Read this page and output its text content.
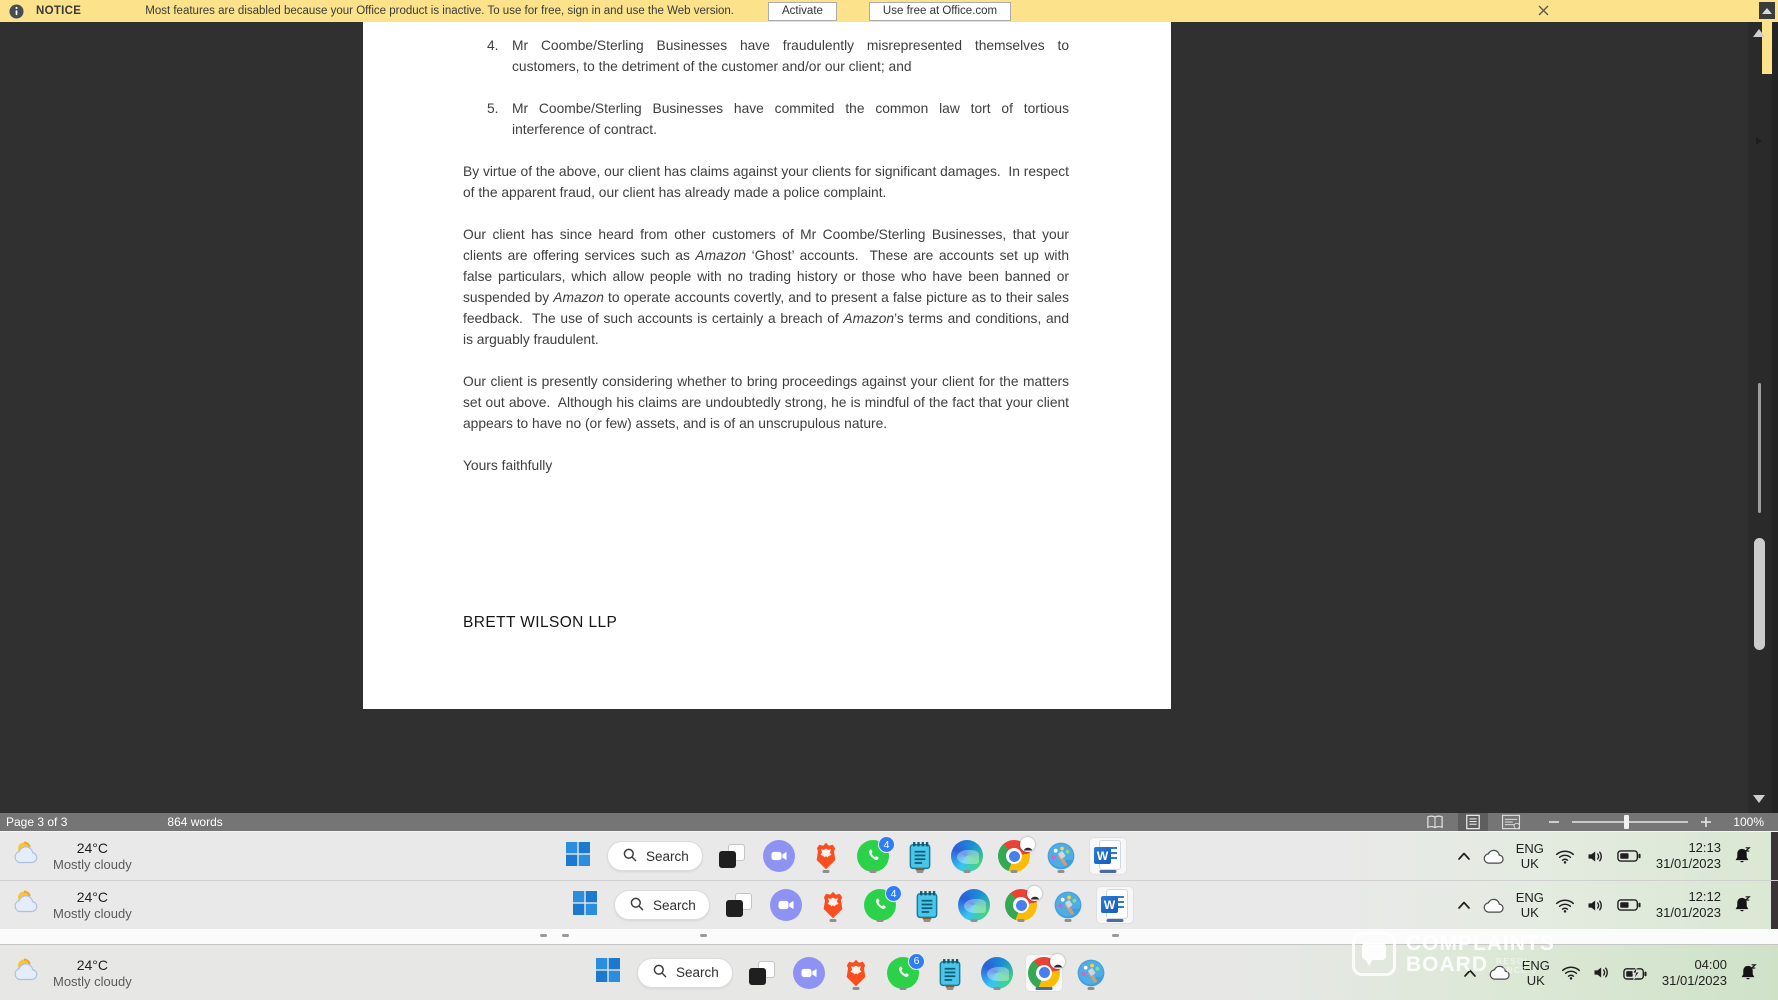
NOTICE	Most features are disabled because your Office product is inactive. To use for free, sign in and use the Web version.	Activate	Use free at Office.com
4. Mr Coombe/Sterling Businesses have fraudulently misrepresented themselves to customers, to the detriment of the customer and/or our client; and
5. Mr Coombe/Sterling Businesses have commited the common law tort of tortious interference of contract.
By virtue of the above, our client has claims against your clients for significant damages.  In respect of the apparent fraud, our client has already made a police complaint.
Our client has since heard from other customers of Mr Coombe/Sterling Businesses, that your clients are offering services such as Amazon ‘Ghost’ accounts.  These are accounts set up with false particulars, which allow people with no trading history or those who have been banned or suspended by Amazon to operate accounts covertly, and to present a false picture as to their sales feedback.  The use of such accounts is certainly a breach of Amazon’s terms and conditions, and is arguably fraudulent.
Our client is presently considering whether to bring proceedings against your client for the matters set out above.  Although his claims are undoubtedly strong, he is mindful of the fact that your client appears to have no (or few) assets, and is of an unscrupulous nature.
Yours faithfully
BRETT WILSON LLP
Page 3 of 3	864 words	100%
24°C
Mostly cloudy
Search
4
W	ENG
UK
12:13
31/01/2023
24°C
Mostly cloudy
Search
4
W	ENG
UK
12:12
31/01/2023
24°C
Mostly cloudy
Search
6	ENG
UK
04:00
31/01/2023
COMPLAINTS
BOARD RESOL
SINCE 2
